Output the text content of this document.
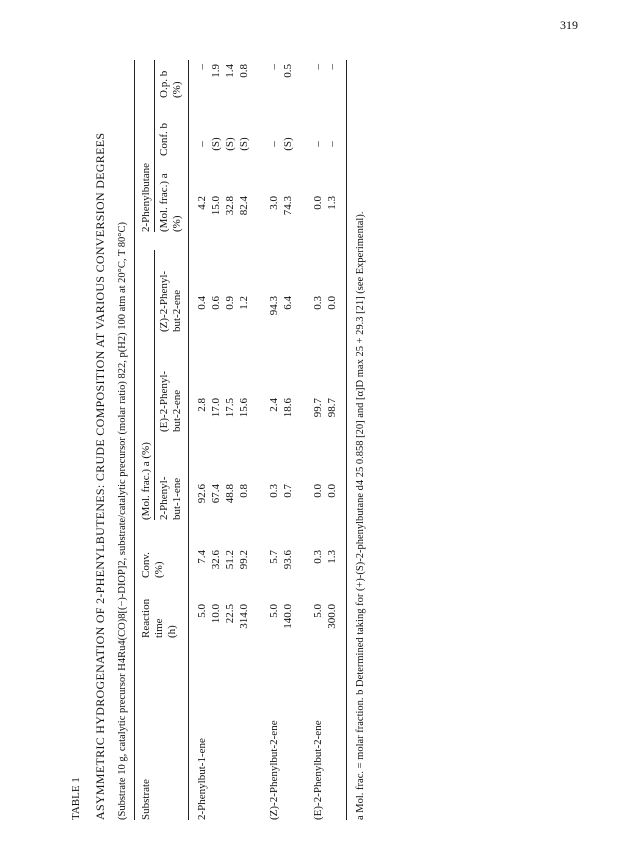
319
TABLE 1 ASYMMETRIC HYDROGENATION OF 2-PHENYLBUTENES: CRUDE COMPOSITION AT VARIOUS CONVERSION DEGREES (Substrate 10 g, catalytic precursor H4Ru4(CO)8[(−)-DIOP]2, substrate/catalytic precursor (molar ratio) 822, p(H2) 100 atm at 20°C, T 80°C) Substrate
Reaction time (h)
Conv. (%)
(Mol. frac.) a (%) 2-Phenyl- but-1-ene
(E)-2-Phenyl- but-2-ene
(Z)-2-Phenyl- but-2-ene
2-Phenylbutane (Mol. frac.) a (%)
Conf. b
O.p. b (%)
2-Phenylbut-1-ene
5.0
7.4
92.6
2.8
0.4
4.2
–
–
10.0
32.6
67.4
17.0
0.6
15.0
(S)
1.9
22.5
51.2
48.8
17.5
0.9
32.8
(S)
1.4
314.0
99.2
0.8
15.6
1.2
82.4
(S)
0.8
(Z)-2-Phenylbut-2-ene
5.0
5.7
0.3
2.4
94.3
3.0
–
–
140.0
93.6
0.7
18.6
6.4
74.3
(S)
0.5
(E)-2-Phenylbut-2-ene
5.0
0.3
0.0
99.7
0.3
0.0
–
–
300.0
1.3
0.0
98.7
0.0
1.3
–
–
a Mol. frac. = molar fraction. b Determined taking for (+)-(S)-2-phenylbutane d4 25 0.858 [20] and [α]D max 25 + 29.3 [21] (see Experimental).
